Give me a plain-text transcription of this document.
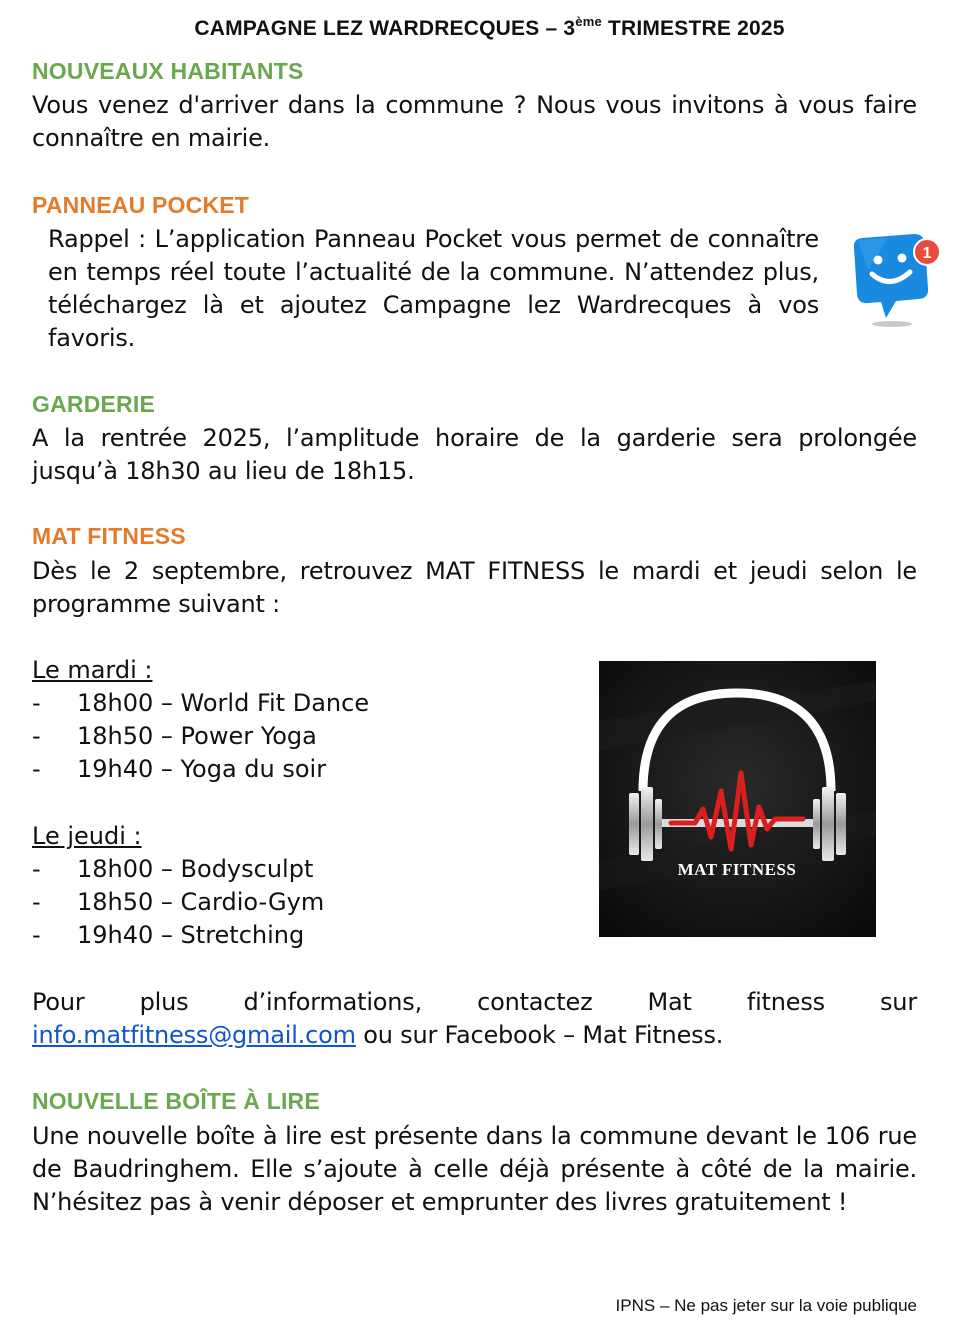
CAMPAGNE LEZ WARDRECQUES – 3ème TRIMESTRE 2025
NOUVEAUX HABITANTS
Vous venez d'arriver dans la commune ? Nous vous invitons à vous faire connaître en mairie.
PANNEAU POCKET
Rappel : L’application Panneau Pocket vous permet de connaître en temps réel toute l’actualité de la commune. N’attendez plus, téléchargez là et ajoutez Campagne lez Wardrecques à vos favoris.
1
GARDERIE
A la rentrée 2025, l’amplitude horaire de la garderie sera prolongée jusqu’à 18h30 au lieu de 18h15.
MAT FITNESS
Dès le 2 septembre, retrouvez MAT FITNESS le mardi et jeudi selon le programme suivant :
Le mardi :
- 18h00 – World Fit Dance
- 18h50 – Power Yoga
- 19h40 – Yoga du soir
Le jeudi :
- 18h00 – Bodysculpt
- 18h50 – Cardio-Gym
- 19h40 – Stretching
MAT FITNESS
Pour plus d’informations, contactez Mat fitness sur
info.matfitness@gmail.com ou sur Facebook – Mat Fitness.
NOUVELLE BOÎTE À LIRE
Une nouvelle boîte à lire est présente dans la commune devant le 106 rue de Baudringhem. Elle s’ajoute à celle déjà présente à côté de la mairie. N’hésitez pas à venir déposer et emprunter des livres gratuitement !
IPNS – Ne pas jeter sur la voie publique
